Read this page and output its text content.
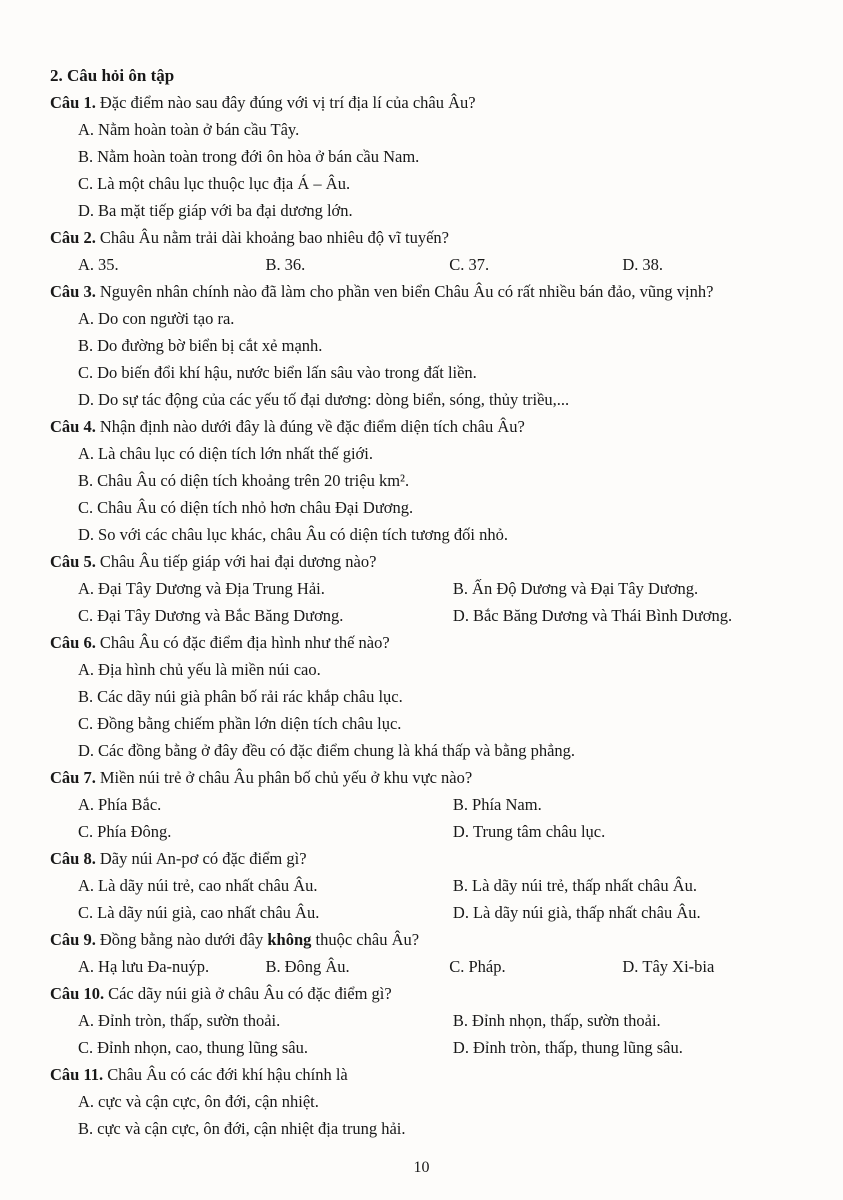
2. Câu hỏi ôn tập
Câu 1. Đặc điểm nào sau đây đúng với vị trí địa lí của châu Âu?
A. Nằm hoàn toàn ở bán cầu Tây.
B. Nằm hoàn toàn trong đới ôn hòa ở bán cầu Nam.
C. Là một châu lục thuộc lục địa Á – Âu.
D. Ba mặt tiếp giáp với ba đại dương lớn.
Câu 2. Châu Âu nằm trải dài khoảng bao nhiêu độ vĩ tuyến?
A. 35.	B. 36.	C. 37.	D. 38.
Câu 3. Nguyên nhân chính nào đã làm cho phần ven biển Châu Âu có rất nhiều bán đảo, vũng vịnh?
A. Do con người tạo ra.
B. Do đường bờ biển bị cắt xẻ mạnh.
C. Do biến đổi khí hậu, nước biển lấn sâu vào trong đất liền.
D. Do sự tác động của các yếu tố đại dương: dòng biển, sóng, thủy triều,...
Câu 4. Nhận định nào dưới đây là đúng về đặc điểm diện tích châu Âu?
A. Là châu lục có diện tích lớn nhất thế giới.
B. Châu Âu có diện tích khoảng trên 20 triệu km².
C. Châu Âu có diện tích nhỏ hơn châu Đại Dương.
D. So với các châu lục khác, châu Âu có diện tích tương đối nhỏ.
Câu 5. Châu Âu tiếp giáp với hai đại dương nào?
A. Đại Tây Dương và Địa Trung Hải.	B. Ấn Độ Dương và Đại Tây Dương.
C. Đại Tây Dương và Bắc Băng Dương.	D. Bắc Băng Dương và Thái Bình Dương.
Câu 6. Châu Âu có đặc điểm địa hình như thế nào?
A. Địa hình chủ yếu là miền núi cao.
B. Các dãy núi già phân bố rải rác khắp châu lục.
C. Đồng bằng chiếm phần lớn diện tích châu lục.
D. Các đồng bằng ở đây đều có đặc điểm chung là khá thấp và bằng phẳng.
Câu 7. Miền núi trẻ ở châu Âu phân bố chủ yếu ở khu vực nào?
A. Phía Bắc.	B. Phía Nam.
C. Phía Đông.	D. Trung tâm châu lục.
Câu 8. Dãy núi An-pơ có đặc điểm gì?
A. Là dãy núi trẻ, cao nhất châu Âu.	B. Là dãy núi trẻ, thấp nhất châu Âu.
C. Là dãy núi già, cao nhất châu Âu.	D. Là dãy núi già, thấp nhất châu Âu.
Câu 9. Đồng bằng nào dưới đây không thuộc châu Âu?
A. Hạ lưu Đa-nuýp.	B. Đông Âu.	C. Pháp.	D. Tây Xi-bia
Câu 10. Các dãy núi già ở châu Âu có đặc điểm gì?
A. Đỉnh tròn, thấp, sườn thoải.	B. Đỉnh nhọn, thấp, sườn thoải.
C. Đỉnh nhọn, cao, thung lũng sâu.	D. Đỉnh tròn, thấp, thung lũng sâu.
Câu 11. Châu Âu có các đới khí hậu chính là
A. cực và cận cực, ôn đới, cận nhiệt.
B. cực và cận cực, ôn đới, cận nhiệt địa trung hải.
10
